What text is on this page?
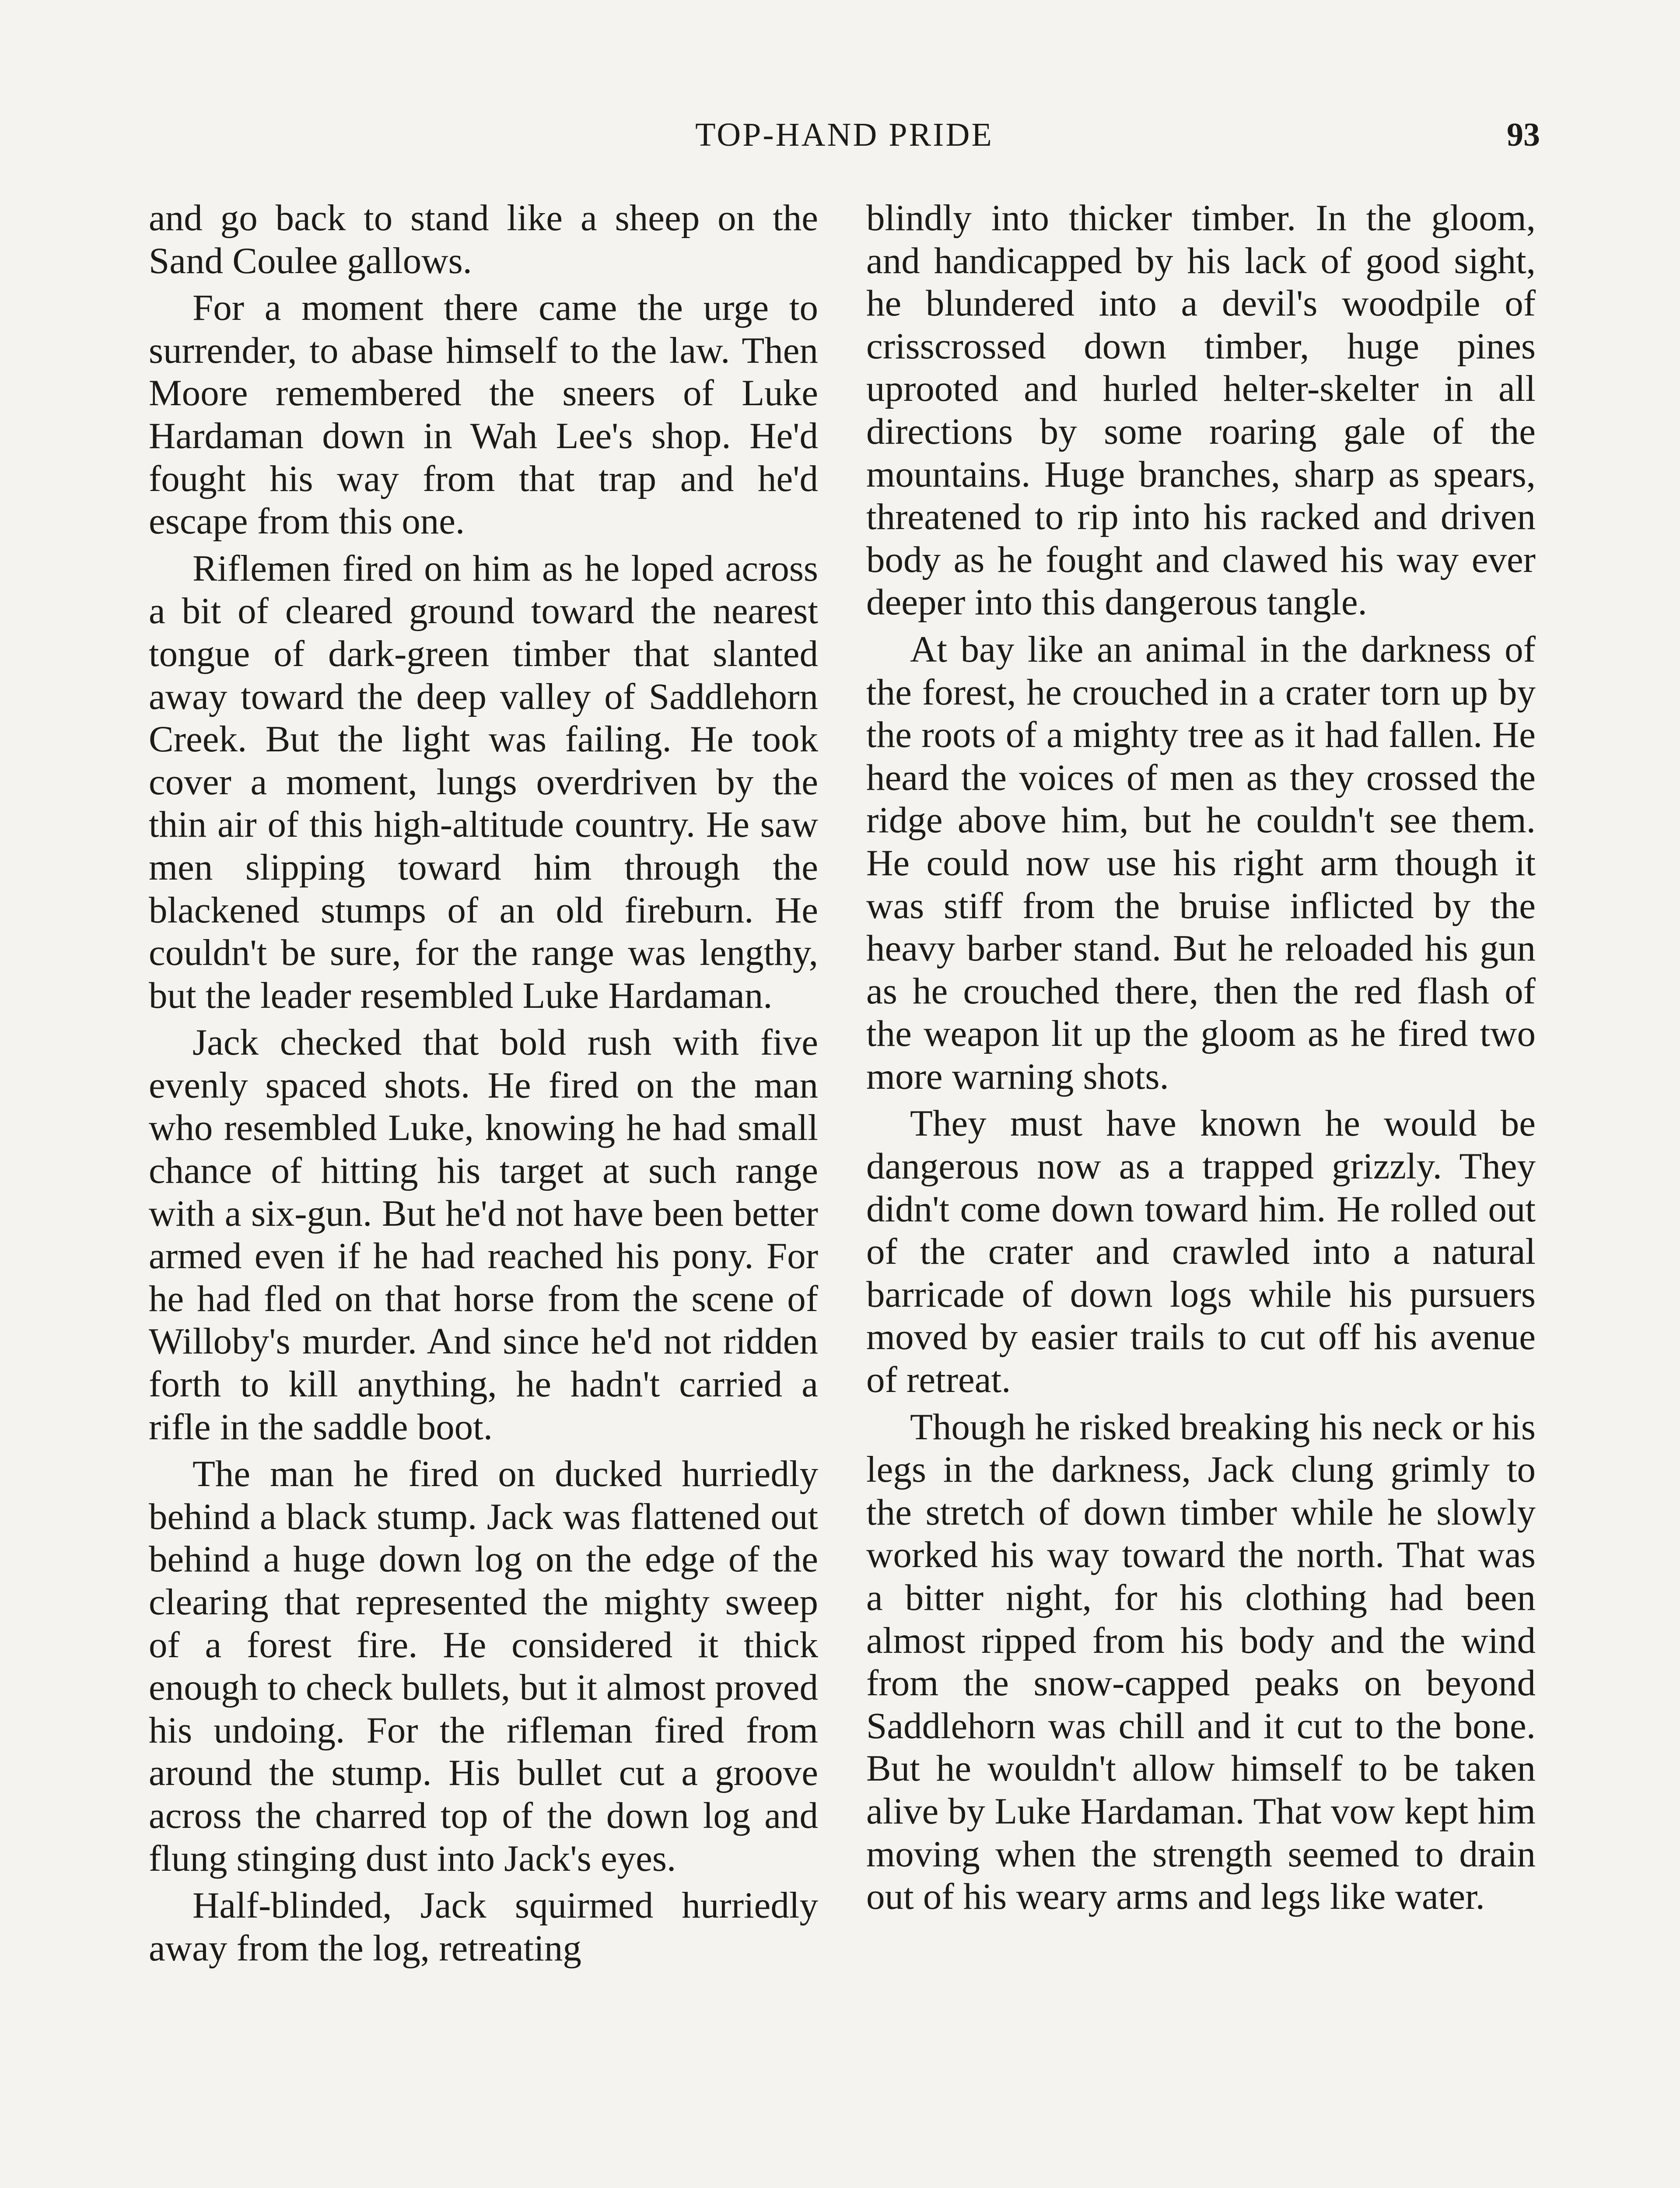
TOP-HAND PRIDE	93

and go back to stand like a sheep on the Sand Coulee gallows.

For a moment there came the urge to surrender, to abase himself to the law. Then Moore remembered the sneers of Luke Hardaman down in Wah Lee's shop. He'd fought his way from that trap and he'd escape from this one.

Riflemen fired on him as he loped across a bit of cleared ground toward the nearest tongue of dark-green timber that slanted away toward the deep valley of Saddlehorn Creek. But the light was failing. He took cover a moment, lungs overdriven by the thin air of this high-altitude country. He saw men slipping toward him through the blackened stumps of an old fireburn. He couldn't be sure, for the range was lengthy, but the leader resembled Luke Hardaman.

Jack checked that bold rush with five evenly spaced shots. He fired on the man who resembled Luke, knowing he had small chance of hitting his target at such range with a six-gun. But he'd not have been better armed even if he had reached his pony. For he had fled on that horse from the scene of Willoby's murder. And since he'd not ridden forth to kill anything, he hadn't carried a rifle in the saddle boot.

The man he fired on ducked hurriedly behind a black stump. Jack was flattened out behind a huge down log on the edge of the clearing that represented the mighty sweep of a forest fire. He considered it thick enough to check bullets, but it almost proved his undoing. For the rifleman fired from around the stump. His bullet cut a groove across the charred top of the down log and flung stinging dust into Jack's eyes.

Half-blinded, Jack squirmed hurriedly away from the log, retreating

blindly into thicker timber. In the gloom, and handicapped by his lack of good sight, he blundered into a devil's woodpile of crisscrossed down timber, huge pines uprooted and hurled helter-skelter in all directions by some roaring gale of the mountains. Huge branches, sharp as spears, threatened to rip into his racked and driven body as he fought and clawed his way ever deeper into this dangerous tangle.

At bay like an animal in the darkness of the forest, he crouched in a crater torn up by the roots of a mighty tree as it had fallen. He heard the voices of men as they crossed the ridge above him, but he couldn't see them. He could now use his right arm though it was stiff from the bruise inflicted by the heavy barber stand. But he reloaded his gun as he crouched there, then the red flash of the weapon lit up the gloom as he fired two more warning shots.

They must have known he would be dangerous now as a trapped grizzly. They didn't come down toward him. He rolled out of the crater and crawled into a natural barricade of down logs while his pursuers moved by easier trails to cut off his avenue of retreat.

Though he risked breaking his neck or his legs in the darkness, Jack clung grimly to the stretch of down timber while he slowly worked his way toward the north. That was a bitter night, for his clothing had been almost ripped from his body and the wind from the snow-capped peaks on beyond Saddlehorn was chill and it cut to the bone. But he wouldn't allow himself to be taken alive by Luke Hardaman. That vow kept him moving when the strength seemed to drain out of his weary arms and legs like water.
